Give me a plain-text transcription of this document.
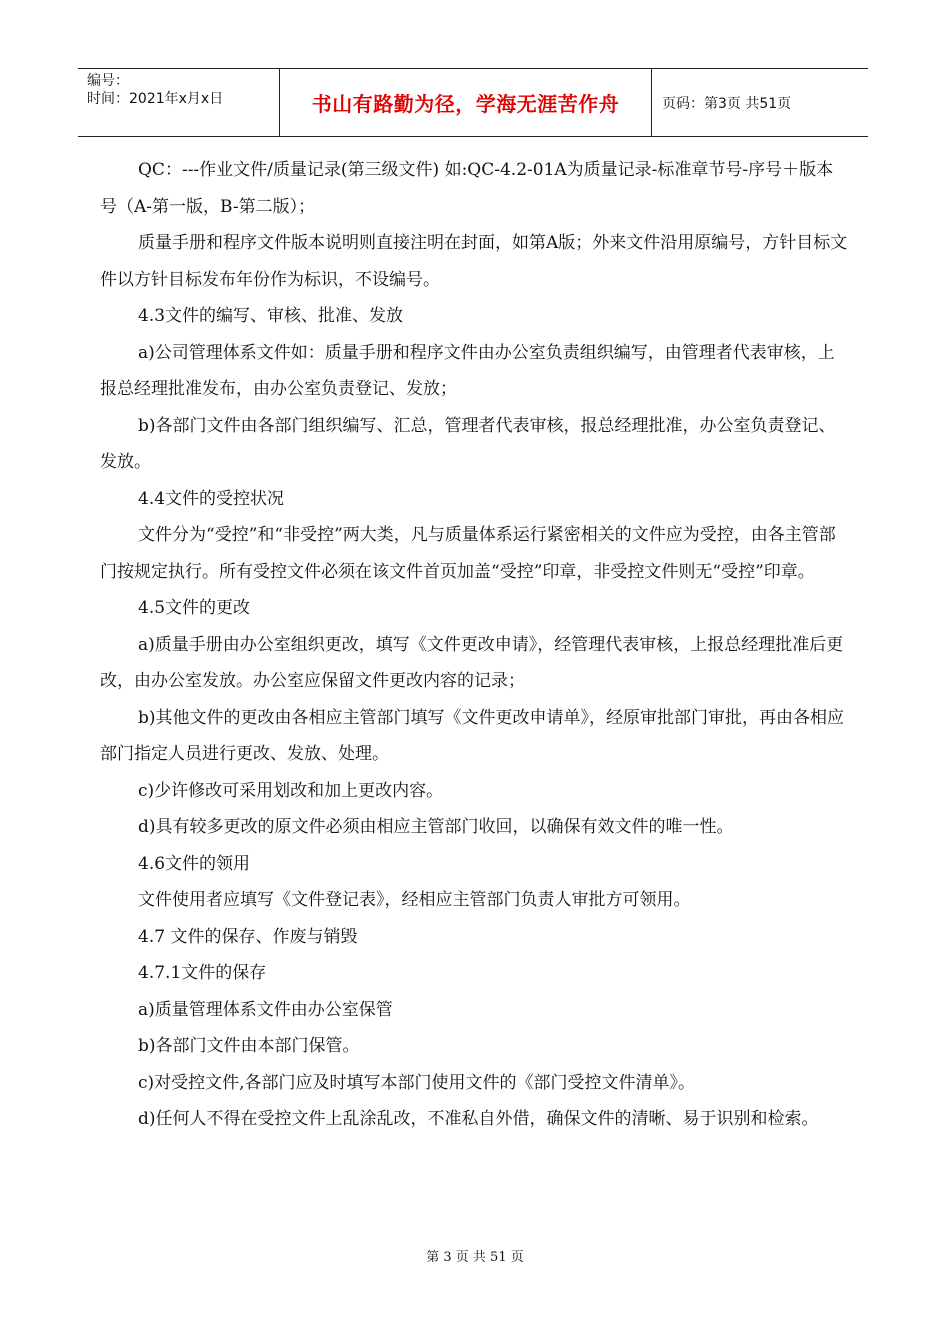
编号：
时间：2021年x月x日	书山有路勤为径，学海无涯苦作舟	页码：第3页 共51页

QC：---作业文件/质量记录(第三级文件) 如:QC-4.2-01A为质量记录-标准章节号-序号＋版本号（A-第一版，B-第二版）；

质量手册和程序文件版本说明则直接注明在封面，如第A版；外来文件沿用原编号，方针目标文件以方针目标发布年份作为标识，不设编号。

4.3文件的编写、审核、批准、发放

a)公司管理体系文件如：质量手册和程序文件由办公室负责组织编写，由管理者代表审核，上报总经理批准发布，由办公室负责登记、发放；

b)各部门文件由各部门组织编写、汇总，管理者代表审核，报总经理批准，办公室负责登记、发放。

4.4文件的受控状况

文件分为“受控”和“非受控”两大类，凡与质量体系运行紧密相关的文件应为受控，由各主管部门按规定执行。所有受控文件必须在该文件首页加盖“受控”印章，非受控文件则无“受控”印章。

4.5文件的更改

a)质量手册由办公室组织更改，填写《文件更改申请》，经管理代表审核，上报总经理批准后更改，由办公室发放。办公室应保留文件更改内容的记录；

b)其他文件的更改由各相应主管部门填写《文件更改申请单》，经原审批部门审批，再由各相应部门指定人员进行更改、发放、处理。

c)少许修改可采用划改和加上更改内容。

d)具有较多更改的原文件必须由相应主管部门收回，以确保有效文件的唯一性。

4.6文件的领用

文件使用者应填写《文件登记表》，经相应主管部门负责人审批方可领用。

4.7 文件的保存、作废与销毁

4.7.1文件的保存

a)质量管理体系文件由办公室保管

b)各部门文件由本部门保管。

c)对受控文件,各部门应及时填写本部门使用文件的《部门受控文件清单》。

d)任何人不得在受控文件上乱涂乱改，不准私自外借，确保文件的清晰、易于识别和检索。

第 3 页 共 51 页
